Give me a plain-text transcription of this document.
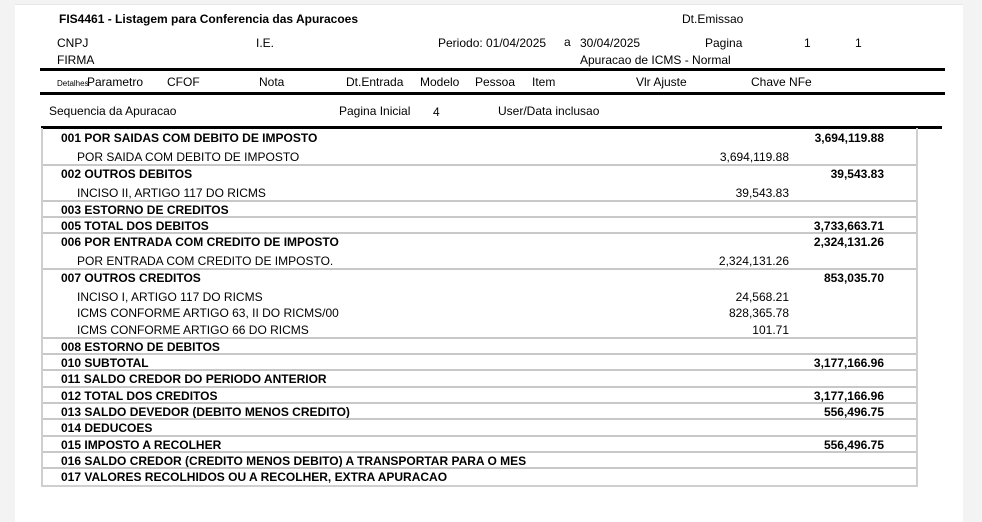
FIS4461 - Listagem para Conferencia das Apuracoes	Dt.Emissao
CNPJ	I.E.	Periodo: 01/04/2025 a 30/04/2025	Pagina	1	1
FIRMA	Apuracao de ICMS - Normal
Detalhes
Parametro CFOF	Nota	Dt.Entrada Modelo Pessoa Item	Vlr Ajuste	Chave NFe
Sequencia da Apuracao	Pagina Inicial 4	User/Data inclusao
001 POR SAIDAS COM DEBITO DE IMPOSTO	3,694,119.88
POR SAIDA COM DEBITO DE IMPOSTO	3,694,119.88
002 OUTROS DEBITOS	39,543.83
INCISO II, ARTIGO 117 DO RICMS	39,543.83
003 ESTORNO DE CREDITOS
005 TOTAL DOS DEBITOS	3,733,663.71
006 POR ENTRADA COM CREDITO DE IMPOSTO	2,324,131.26
POR ENTRADA COM CREDITO DE IMPOSTO.	2,324,131.26
007 OUTROS CREDITOS	853,035.70
INCISO I, ARTIGO 117 DO RICMS	24,568.21
ICMS CONFORME ARTIGO 63, II DO RICMS/00	828,365.78
ICMS CONFORME ARTIGO 66 DO RICMS	101.71
008 ESTORNO DE DEBITOS
010 SUBTOTAL	3,177,166.96
011 SALDO CREDOR DO PERIODO ANTERIOR
012 TOTAL DOS CREDITOS	3,177,166.96
013 SALDO DEVEDOR (DEBITO MENOS CREDITO)	556,496.75
014 DEDUCOES
015 IMPOSTO A RECOLHER	556,496.75
016 SALDO CREDOR (CREDITO MENOS DEBITO) A TRANSPORTAR PARA O MES
017 VALORES RECOLHIDOS OU A RECOLHER, EXTRA APURACAO
